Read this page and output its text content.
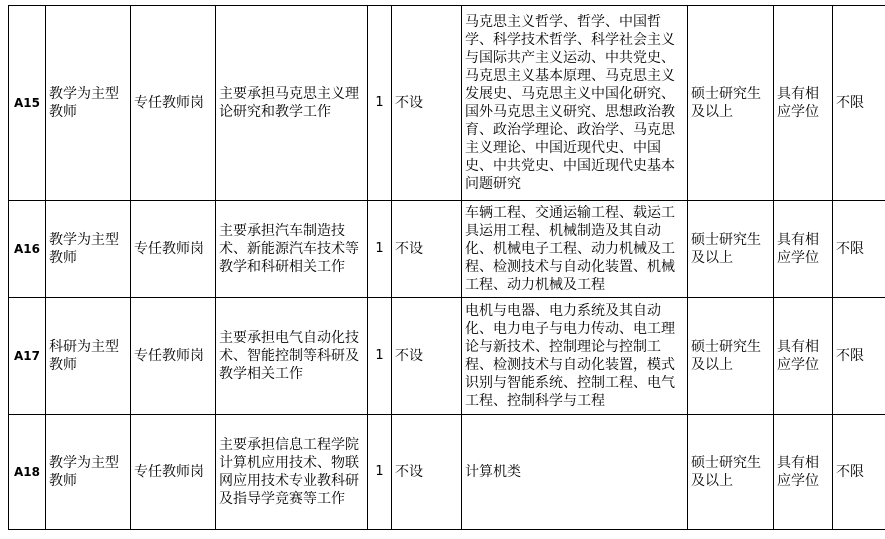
A15	教学为主型教师	专任教师岗	主要承担马克思主义理论研究和教学工作	1	不设	马克思主义哲学、哲学、中国哲学、科学技术哲学、科学社会主义与国际共产主义运动、中共党史、马克思主义基本原理、马克思主义发展史、马克思主义中国化研究、国外马克思主义研究、思想政治教育、政治学理论、政治学、马克思主义理论、中国近现代史、中国史、中共党史、中国近现代史基本问题研究	硕士研究生及以上	具有相应学位	不限
A16	教学为主型教师	专任教师岗	主要承担汽车制造技术、新能源汽车技术等教学和科研相关工作	1	不设	车辆工程、交通运输工程、载运工具运用工程、机械制造及其自动化、机械电子工程、动力机械及工程、检测技术与自动化装置、机械工程、动力机械及工程	硕士研究生及以上	具有相应学位	不限
A17	科研为主型教师	专任教师岗	主要承担电气自动化技术、智能控制等科研及教学相关工作	1	不设	电机与电器、电力系统及其自动化、电力电子与电力传动、电工理论与新技术、控制理论与控制工程、检测技术与自动化装置，模式识别与智能系统、控制工程、电气工程、控制科学与工程	硕士研究生及以上	具有相应学位	不限
A18	教学为主型教师	专任教师岗	主要承担信息工程学院计算机应用技术、物联网应用技术专业教科研及指导学竞赛等工作	1	不设	计算机类	硕士研究生及以上	具有相应学位	不限
